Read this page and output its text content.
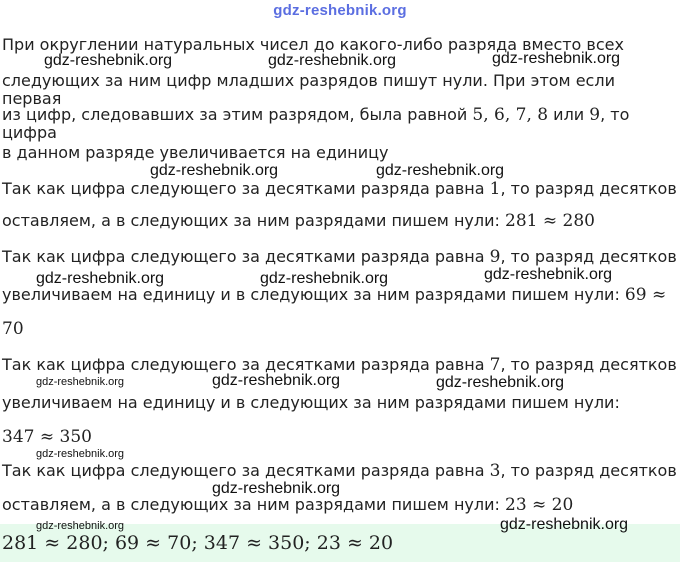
gdz-reshebnik.org
При округлении натуральных чисел до какого-либо разряда вместо всех
следующих за ним цифр младших разрядов пишут нули. При этом если первая
из цифр, следовавших за этим разрядом, была равной 5, 6, 7, 8 или 9, то цифра
в данном разряде увеличивается на единицу
Так как цифра следующего за десятками разряда равна 1, то разряд десятков
оставляем, а в следующих за ним разрядами пишем нули: 281 ≈ 280
Так как цифра следующего за десятками разряда равна 9, то разряд десятков
увеличиваем на единицу и в следующих за ним разрядами пишем нули: 69 ≈
70
Так как цифра следующего за десятками разряда равна 7, то разряд десятков
увеличиваем на единицу и в следующих за ним разрядами пишем нули:
347 ≈ 350
Так как цифра следующего за десятками разряда равна 3, то разряд десятков
оставляем, а в следующих за ним разрядами пишем нули: 23 ≈ 20
281 ≈ 280; 69 ≈ 70; 347 ≈ 350; 23 ≈ 20
gdz-reshebnik.org	gdz-reshebnik.org	gdz-reshebnik.org
gdz-reshebnik.org	gdz-reshebnik.org
gdz-reshebnik.org	gdz-reshebnik.org	gdz-reshebnik.org
gdz-reshebnik.org	gdz-reshebnik.org	gdz-reshebnik.org
gdz-reshebnik.org
gdz-reshebnik.org
gdz-reshebnik.org	gdz-reshebnik.org
